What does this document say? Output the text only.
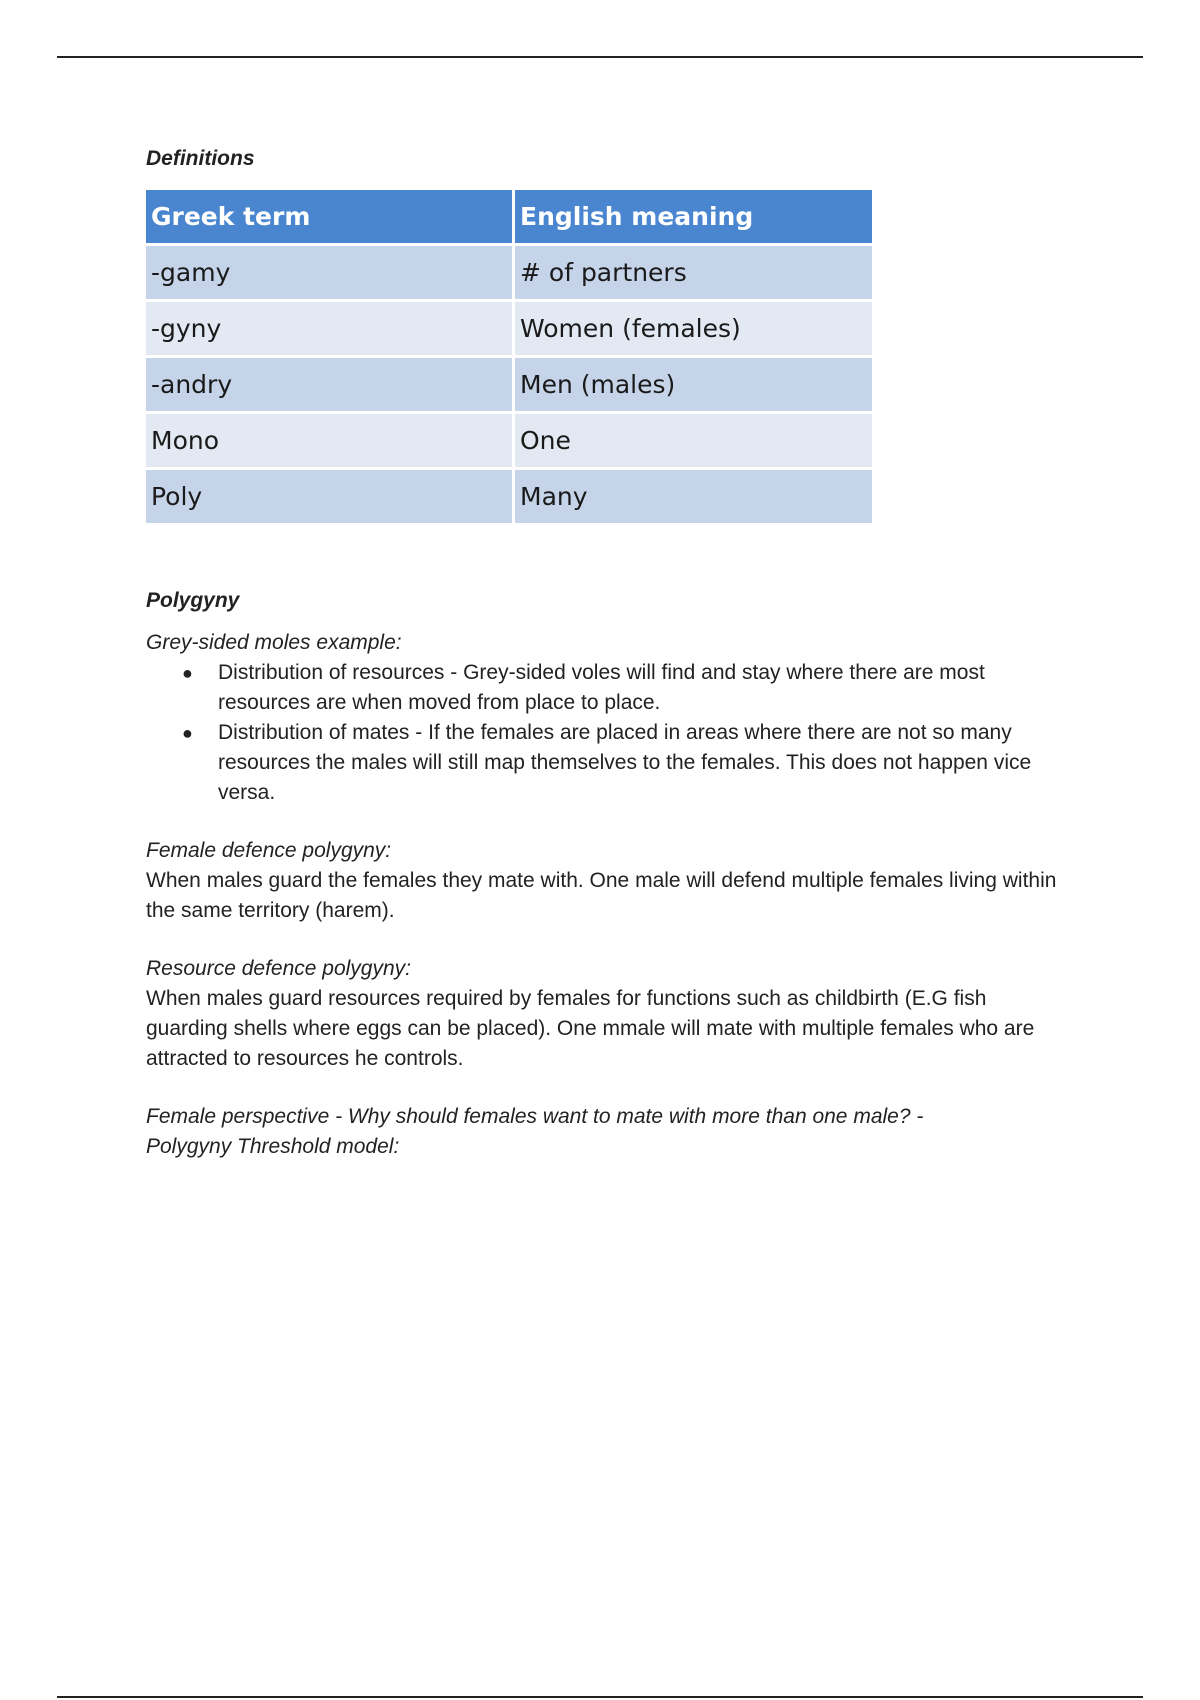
Definitions

Greek term	English meaning
-gamy	# of partners
-gyny	Women (females)
-andry	Men (males)
Mono	One
Poly	Many

Polygyny

Grey-sided moles example:

● Distribution of resources - Grey-sided voles will find and stay where there are most resources are when moved from place to place.
● Distribution of mates - If the females are placed in areas where there are not so many resources the males will still map themselves to the females. This does not happen vice versa.

Female defence polygyny:

When males guard the females they mate with. One male will defend multiple females living within the same territory (harem).

Resource defence polygyny:

When males guard resources required by females for functions such as childbirth (E.G fish guarding shells where eggs can be placed). One mmale will mate with multiple females who are attracted to resources he controls.

Female perspective - Why should females want to mate with more than one male? -

Polygyny Threshold model:
